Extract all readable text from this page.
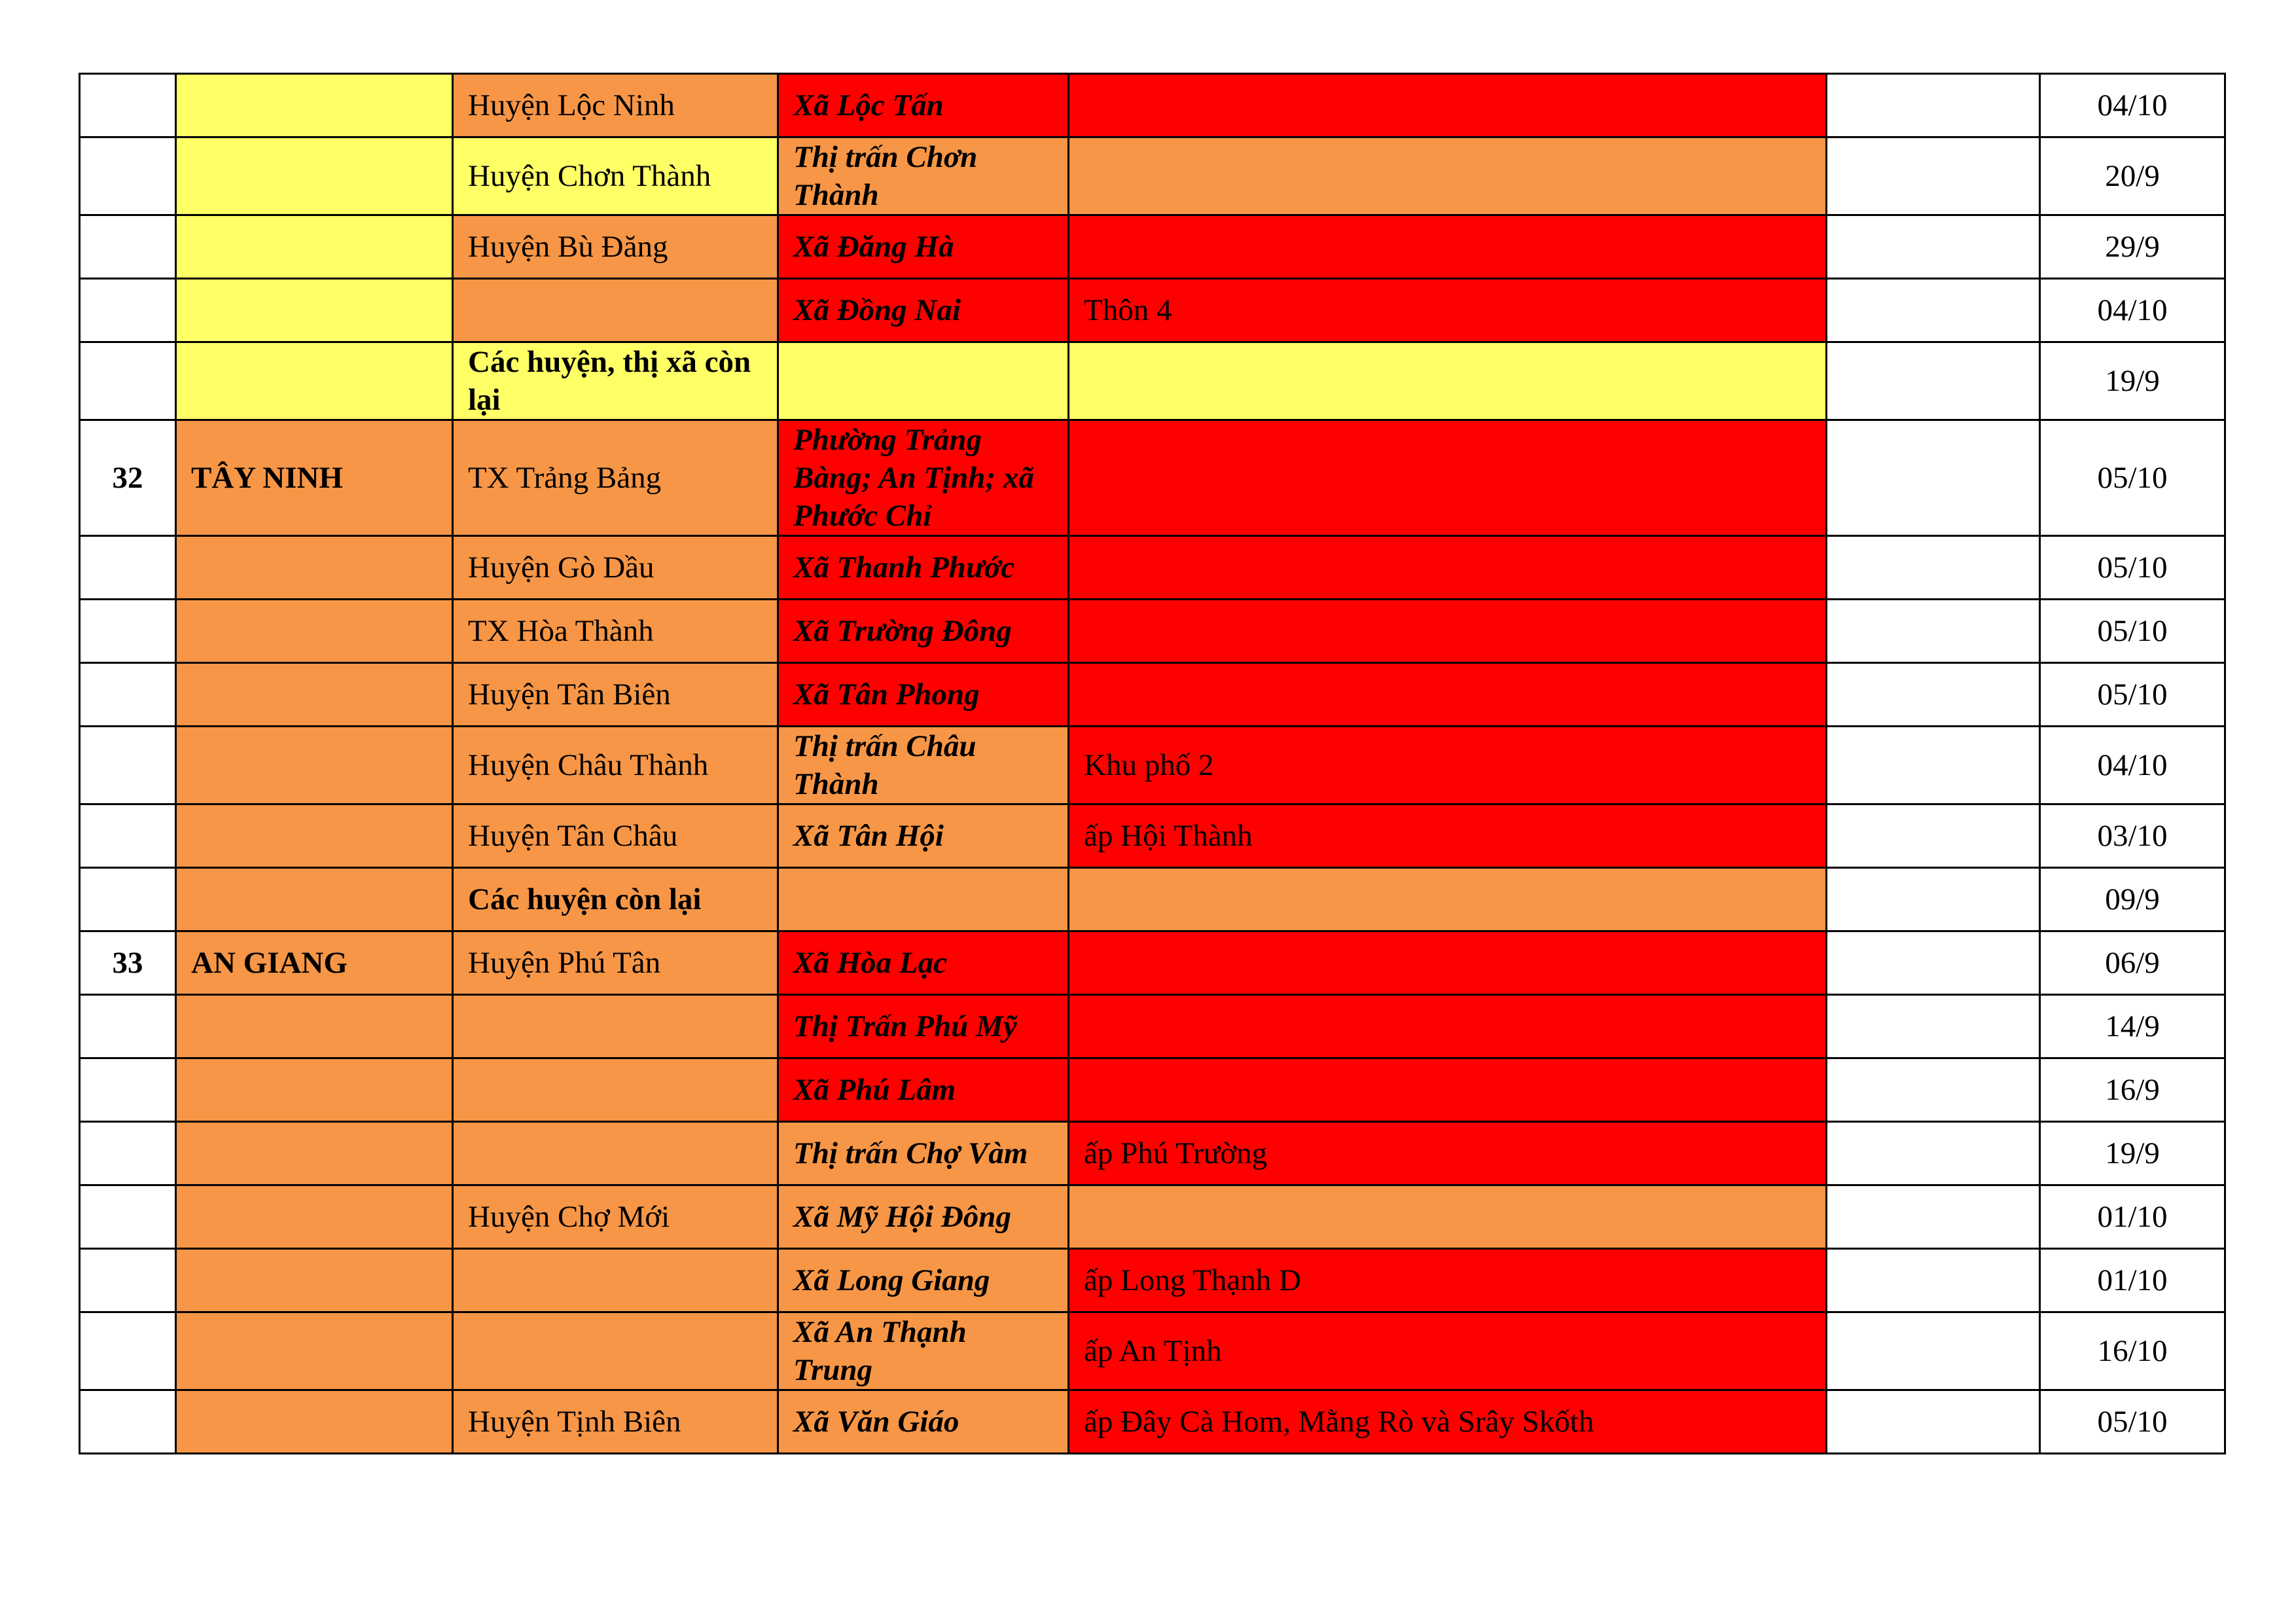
		Huyện Lộc Ninh	Xã Lộc Tấn			04/10
		Huyện Chơn Thành	Thị trấn Chơn Thành			20/9
		Huyện Bù Đăng	Xã Đăng Hà			29/9
			Xã Đồng Nai	Thôn 4		04/10
		Các huyện, thị xã còn lại				19/9
32	TÂY NINH	TX Trảng Bảng	Phường Trảng Bàng; An Tịnh; xã Phước Chỉ			05/10
		Huyện Gò Dầu	Xã Thanh Phước			05/10
		TX Hòa Thành	Xã Trường Đông			05/10
		Huyện Tân Biên	Xã Tân Phong			05/10
		Huyện Châu Thành	Thị trấn Châu Thành	Khu phố 2		04/10
		Huyện Tân Châu	Xã Tân Hội	ấp Hội Thành		03/10
		Các huyện còn lại				09/9
33	AN GIANG	Huyện Phú Tân	Xã Hòa Lạc			06/9
			Thị Trấn Phú Mỹ			14/9
			Xã Phú Lâm			16/9
			Thị trấn Chợ Vàm	ấp Phú Trường		19/9
		Huyện Chợ Mới	Xã Mỹ Hội Đông			01/10
			Xã Long Giang	ấp Long Thạnh D		01/10
			Xã An Thạnh Trung	ấp An Tịnh		16/10
		Huyện Tịnh Biên	Xã Văn Giáo	ấp Đây Cà Hom, Mằng Rò và Srây Skốth		05/10
